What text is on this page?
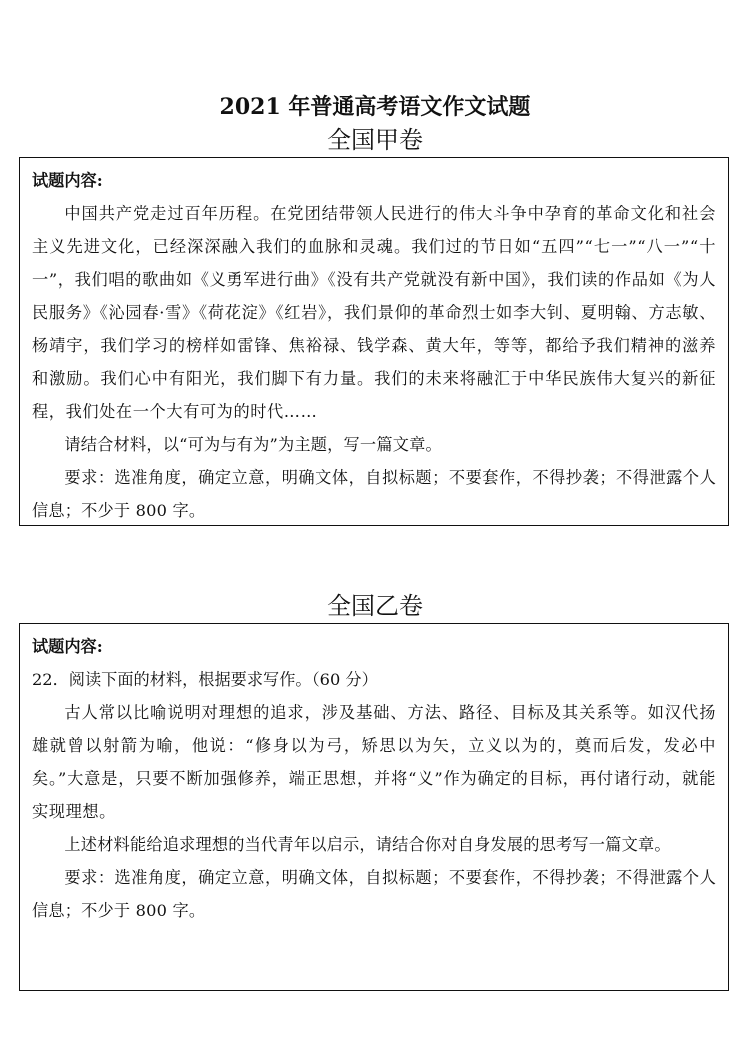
2021 年普通高考语文作文试题
全国甲卷
试题内容:

中国共产党走过百年历程。在党团结带领人民进行的伟大斗争中孕育的革命文化和社会主义先进文化，已经深深融入我们的血脉和灵魂。我们过的节日如“五四”“七一”“八一”“十一”，我们唱的歌曲如《义勇军进行曲》《没有共产党就没有新中国》，我们读的作品如《为人民服务》《沁园春·雪》《荷花淀》《红岩》，我们景仰的革命烈士如李大钊、夏明翰、方志敏、杨靖宇，我们学习的榜样如雷锋、焦裕禄、钱学森、黄大年，等等，都给予我们精神的滋养和激励。我们心中有阳光，我们脚下有力量。我们的未来将融汇于中华民族伟大复兴的新征程，我们处在一个大有可为的时代……

请结合材料，以“可为与有为”为主题，写一篇文章。

要求：选准角度，确定立意，明确文体，自拟标题；不要套作，不得抄袭；不得泄露个人信息；不少于 800 字。

全国乙卷
试题内容:

22．阅读下面的材料，根据要求写作。（60 分）

古人常以比喻说明对理想的追求，涉及基础、方法、路径、目标及其关系等。如汉代扬雄就曾以射箭为喻，他说：“修身以为弓，矫思以为矢，立义以为的，奠而后发，发必中矣。”大意是，只要不断加强修养，端正思想，并将“义”作为确定的目标，再付诸行动，就能实现理想。

上述材料能给追求理想的当代青年以启示，请结合你对自身发展的思考写一篇文章。

要求：选准角度，确定立意，明确文体，自拟标题；不要套作，不得抄袭；不得泄露个人信息；不少于 800 字。
